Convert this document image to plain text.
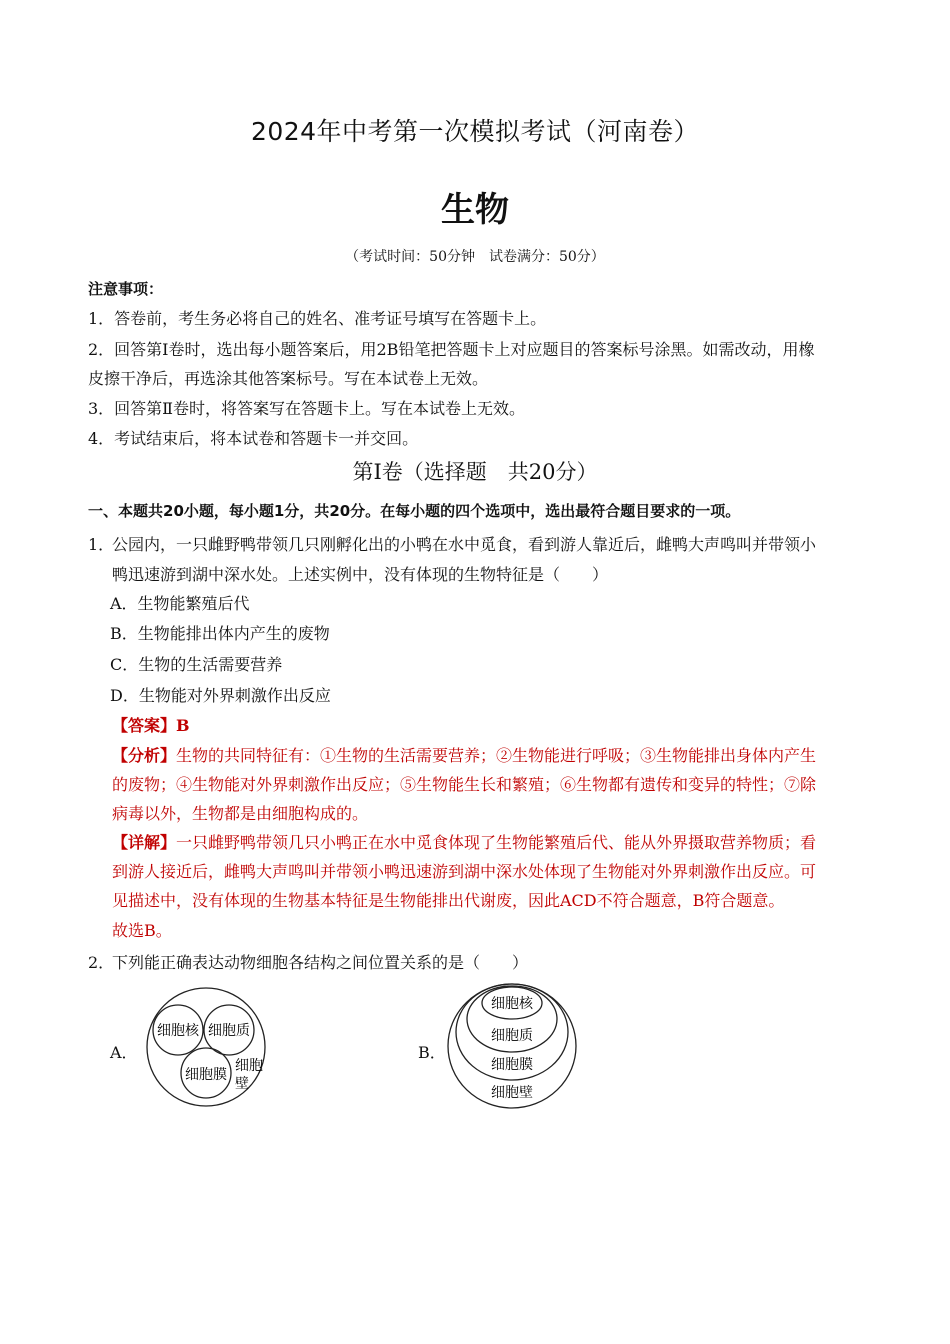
2024年中考第一次模拟考试（河南卷）
生物
（考试时间：50分钟　试卷满分：50分）
注意事项：
1．答卷前，考生务必将自己的姓名、准考证号填写在答题卡上。
2．回答第Ⅰ卷时，选出每小题答案后，用2B铅笔把答题卡上对应题目的答案标号涂黑。如需改动，用橡
皮擦干净后，再选涂其他答案标号。写在本试卷上无效。
3．回答第Ⅱ卷时，将答案写在答题卡上。写在本试卷上无效。
4．考试结束后，将本试卷和答题卡一并交回。
第Ⅰ卷（选择题　共20分）
一、本题共20小题，每小题1分，共20分。在每小题的四个选项中，选出最符合题目要求的一项。
1．公园内，一只雌野鸭带领几只刚孵化出的小鸭在水中觅食，看到游人靠近后，雌鸭大声鸣叫并带领小
鸭迅速游到湖中深水处。上述实例中，没有体现的生物特征是（　　）
A．生物能繁殖后代
B．生物能排出体内产生的废物
C．生物的生活需要营养
D．生物能对外界刺激作出反应
【答案】B
【分析】生物的共同特征有：①生物的生活需要营养；②生物能进行呼吸；③生物能排出身体内产生
的废物；④生物能对外界刺激作出反应；⑤生物能生长和繁殖；⑥生物都有遗传和变异的特性；⑦除
病毒以外，生物都是由细胞构成的。
【详解】一只雌野鸭带领几只小鸭正在水中觅食体现了生物能繁殖后代、能从外界摄取营养物质；看
到游人接近后，雌鸭大声鸣叫并带领小鸭迅速游到湖中深水处体现了生物能对外界刺激作出反应。可
见描述中，没有体现的生物基本特征是生物能排出代谢废，因此ACD不符合题意，B符合题意。
故选B。
2．下列能正确表达动物细胞各结构之间位置关系的是（　　）
A．
细胞核 细胞质
细胞膜
细胞
壁
B．
细胞核
细胞质
细胞膜
细胞壁
